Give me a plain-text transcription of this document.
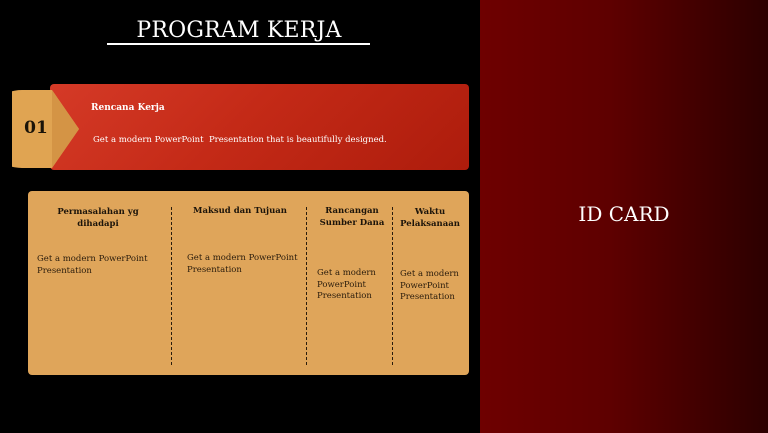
PROGRAM KERJA
Rencana Kerja
Get a modern PowerPoint  Presentation that is beautifully designed.
01
Permasalahan yg dihadapi
Get a modern PowerPoint Presentation
Maksud dan Tujuan
Get a modern PowerPoint Presentation
Rancangan Sumber Dana
Get a modern PowerPoint Presentation
Waktu Pelaksanaan
Get a modern PowerPoint Presentation
ID CARD
